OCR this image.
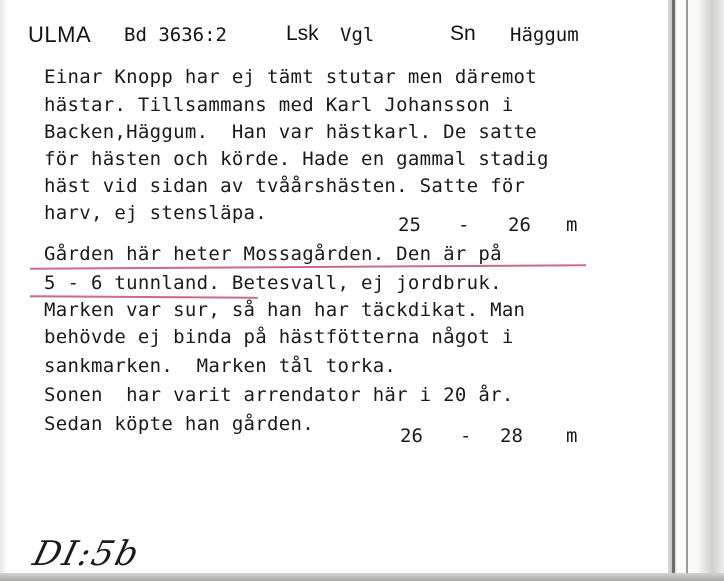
ULMA Bd 3636:2	Lsk Vgl	Sn Häggum
Einar Knopp har ej tämt stutar men däremot
hästar. Tillsammans med Karl Johansson i
Backen,Häggum.  Han var hästkarl. De satte
för hästen och körde. Hade en gammal stadig
häst vid sidan av tvåårshästen. Satte för
harv, ej stensläpa.
25 - 26 m
Gården här heter Mossagården. Den är på
5 - 6 tunnland. Betesvall, ej jordbruk.
Marken var sur, så han har täckdikat. Man
behövde ej binda på hästfötterna något i
sankmarken.  Marken tål torka.
Sonen  har varit arrendator här i 20 år.
Sedan köpte han gården.
26 - 28 m
DI:5b
